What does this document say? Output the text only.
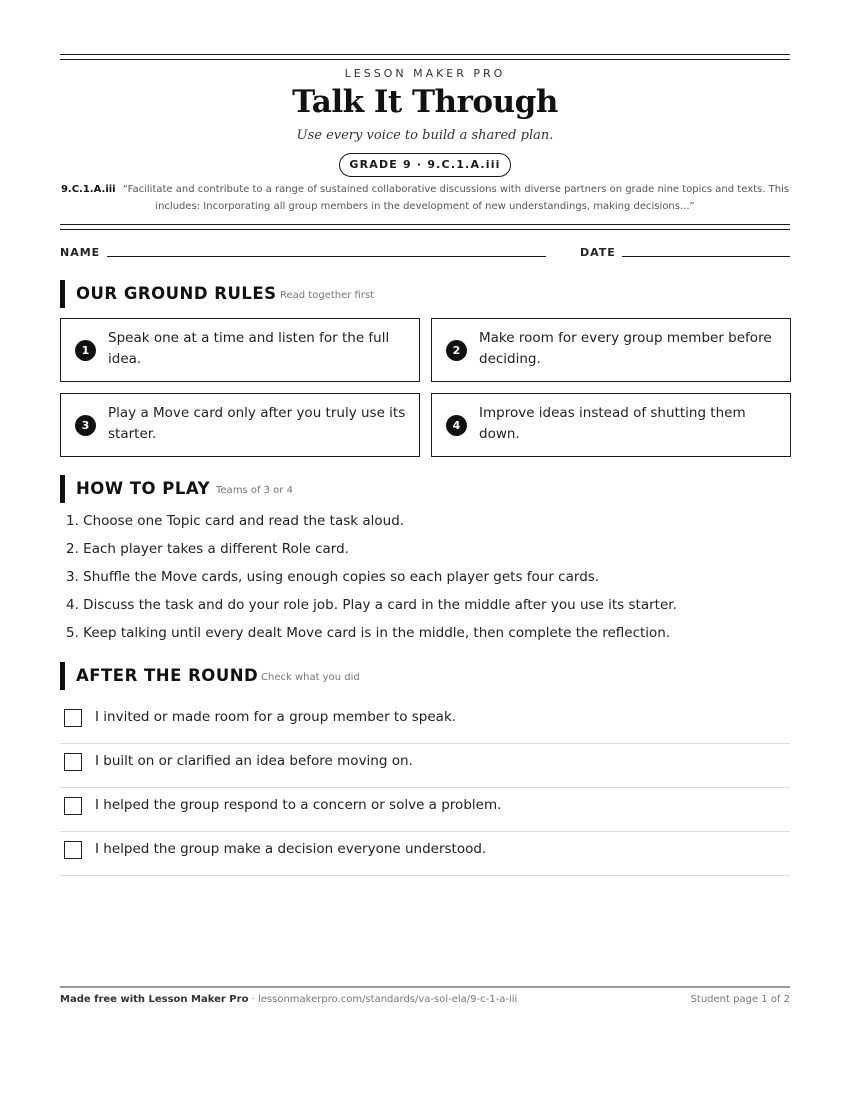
LESSON MAKER PRO
Talk It Through
Use every voice to build a shared plan.
GRADE 9 · 9.C.1.A.iii
9.C.1.A.iii “Facilitate and contribute to a range of sustained collaborative discussions with diverse partners on grade nine topics and texts. This includes: Incorporating all group members in the development of new understandings, making decisions...”
NAME	DATE
OUR GROUND RULES Read together first
1
Speak one at a time and listen for the full idea.
2
Make room for every group member before deciding.
3
Play a Move card only after you truly use its starter.
4
Improve ideas instead of shutting them down.
HOW TO PLAY Teams of 3 or 4
1. Choose one Topic card and read the task aloud.
2. Each player takes a different Role card.
3. Shuffle the Move cards, using enough copies so each player gets four cards.
4. Discuss the task and do your role job. Play a card in the middle after you use its starter.
5. Keep talking until every dealt Move card is in the middle, then complete the reflection.
AFTER THE ROUND Check what you did
I invited or made room for a group member to speak.
I built on or clarified an idea before moving on.
I helped the group respond to a concern or solve a problem.
I helped the group make a decision everyone understood.
Made free with Lesson Maker Pro · lessonmakerpro.com/standards/va-sol-ela/9-c-1-a-iii	Student page 1 of 2
